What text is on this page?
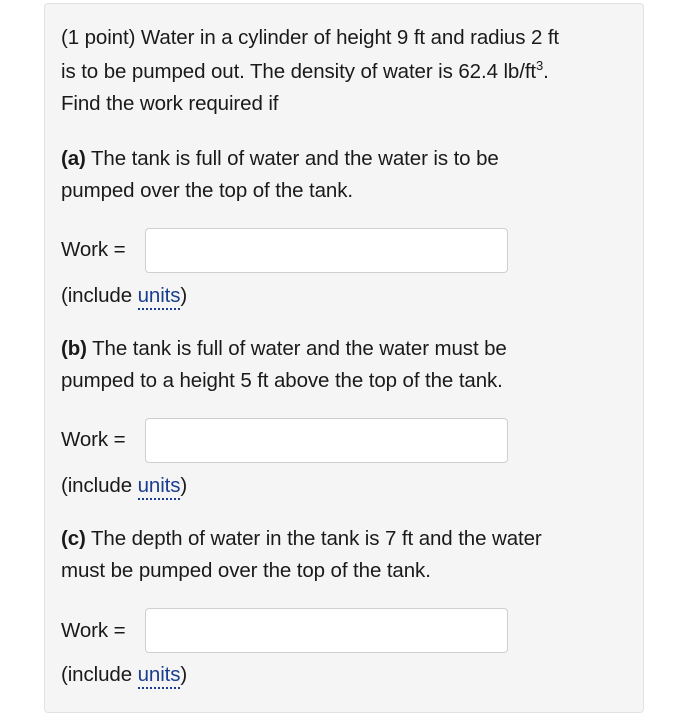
(1 point) Water in a cylinder of height 9 ft and radius 2 ft

is to be pumped out. The density of water is 62.4 $lb/ft^3$.

Find the work required if

(a) The tank is full of water and the water is to be

pumped over the top of the tank.

Work =

(include units)

(b) The tank is full of water and the water must be

pumped to a height 5 ft above the top of the tank.

Work =

(include units)

(c) The depth of water in the tank is 7 ft and the water

must be pumped over the top of the tank.

Work =

(include units)
